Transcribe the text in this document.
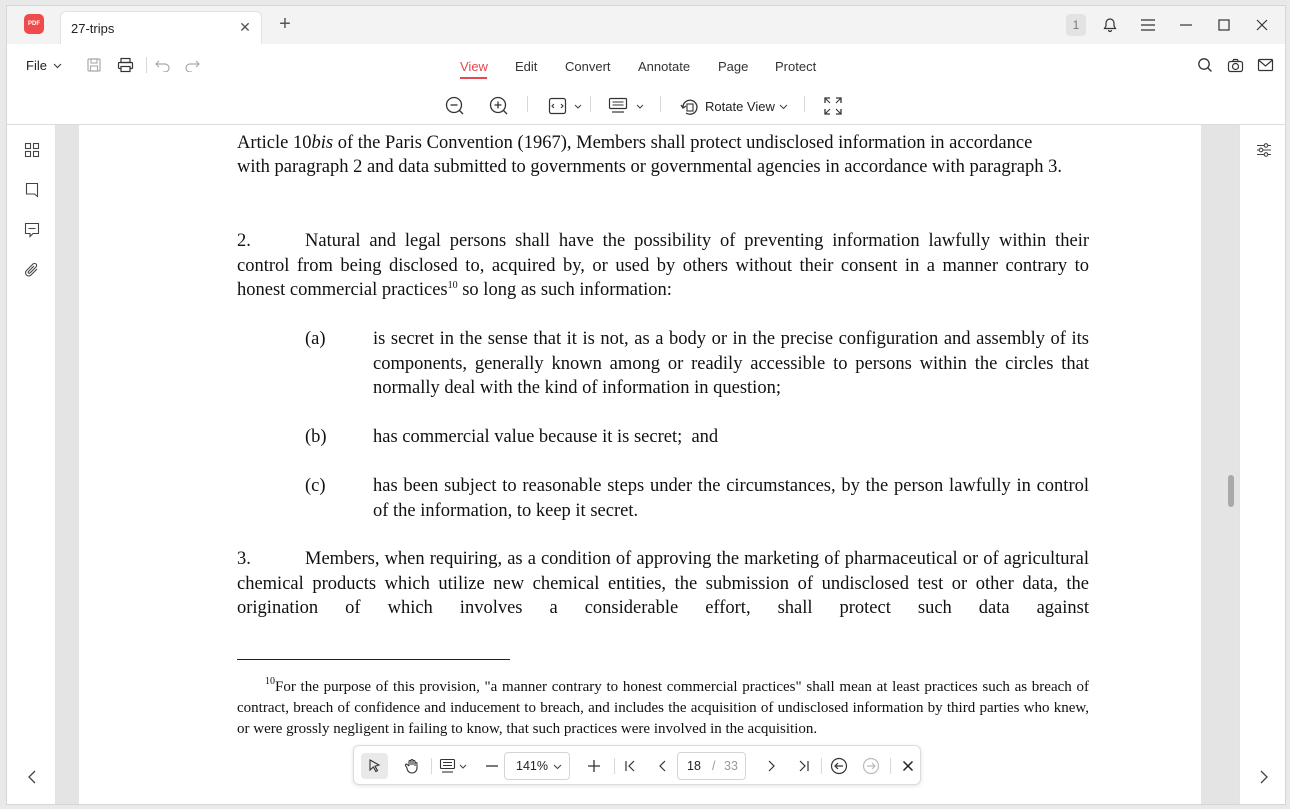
PDF 27-trips	✕ +	1
File	View Edit Convert Annotate Page Protect
Rotate View
Article 10bis of the Paris Convention (1967), Members shall protect undisclosed information in accordance
with paragraph 2 and data submitted to governments or governmental agencies in accordance with paragraph 3.
2.	Natural and legal persons shall have the possibility of preventing information lawfully within their control from being disclosed to, acquired by, or used by others without their consent in a manner contrary to honest commercial practices$^{10}$ so long as such information:
(a)	is secret in the sense that it is not, as a body or in the precise configuration and assembly of its components, generally known among or readily accessible to persons within the circles that normally deal with the kind of information in question;
(b)	has commercial value because it is secret;  and
(c)	has been subject to reasonable steps under the circumstances, by the person lawfully in control of the information, to keep it secret.
3.	Members, when requiring, as a condition of approving the marketing of pharmaceutical or of agricultural chemical products which utilize new chemical entities, the submission of undisclosed test or other data, the origination of which involves a considerable effort, shall protect such data against
$^{10}$For the purpose of this provision, "a manner contrary to honest commercial practices" shall mean at least practices such as breach of contract, breach of confidence and inducement to breach, and includes the acquisition of undisclosed information by third parties who knew, or were grossly negligent in failing to know, that such practices were involved in the acquisition.
141%	18 / 33
